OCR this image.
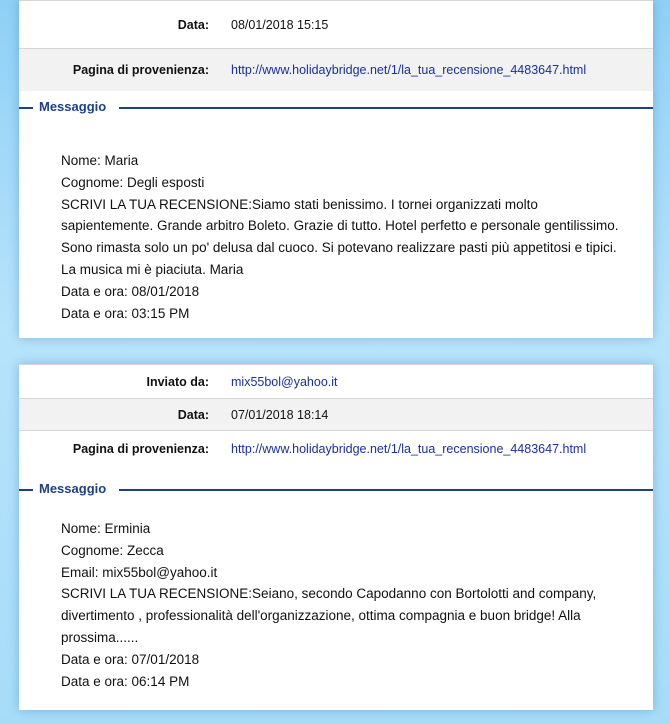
Data: 08/01/2018 15:15
Pagina di provenienza: http://www.holidaybridge.net/1/la_tua_recensione_4483647.html
Messaggio
Nome: Maria
Cognome: Degli esposti
SCRIVI LA TUA RECENSIONE:Siamo stati benissimo. I tornei organizzati molto sapientemente. Grande arbitro Boleto. Grazie di tutto. Hotel perfetto e personale gentilissimo. Sono rimasta solo un po' delusa dal cuoco. Si potevano realizzare pasti più appetitosi e tipici. La musica mi è piaciuta. Maria
Data e ora: 08/01/2018
Data e ora: 03:15 PM
Inviato da: mix55bol@yahoo.it
Data: 07/01/2018 18:14
Pagina di provenienza: http://www.holidaybridge.net/1/la_tua_recensione_4483647.html
Messaggio
Nome: Erminia
Cognome: Zecca
Email: mix55bol@yahoo.it
SCRIVI LA TUA RECENSIONE:Seiano, secondo Capodanno con Bortolotti and company, divertimento , professionalità dell'organizzazione, ottima compagnia e buon bridge! Alla prossima......
Data e ora: 07/01/2018
Data e ora: 06:14 PM
